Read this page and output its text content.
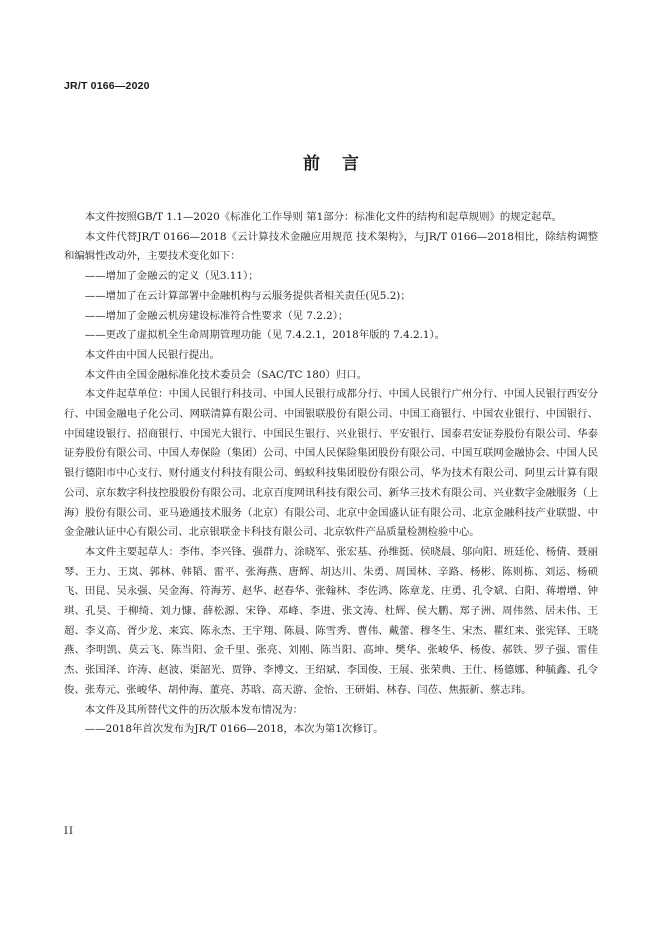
JR/T 0166—2020
前言

本文件按照GB/T 1.1—2020《标准化工作导则 第1部分：标准化文件的结构和起草规则》的规定起草。

本文件代替JR/T 0166—2018《云计算技术金融应用规范 技术架构》，与JR/T 0166—2018相比，除结构调整和编辑性改动外，主要技术变化如下：

——增加了金融云的定义（见3.11）；

——增加了在云计算部署中金融机构与云服务提供者相关责任(见5.2)；

——增加了金融云机房建设标准符合性要求（见 7.2.2）；

——更改了虚拟机全生命周期管理功能（见 7.4.2.1，2018年版的 7.4.2.1）。

本文件由中国人民银行提出。

本文件由全国金融标准化技术委员会（SAC/TC 180）归口。

本文件起草单位：中国人民银行科技司、中国人民银行成都分行、中国人民银行广州分行、中国人民银行西安分行、中国金融电子化公司、网联清算有限公司、中国银联股份有限公司、中国工商银行、中国农业银行、中国银行、中国建设银行、招商银行、中国光大银行、中国民生银行、兴业银行、平安银行、国泰君安证券股份有限公司、华泰证券股份有限公司、中国人寿保险（集团）公司、中国人民保险集团股份有限公司、中国互联网金融协会、中国人民银行德阳市中心支行、财付通支付科技有限公司、蚂蚁科技集团股份有限公司、华为技术有限公司、阿里云计算有限公司、京东数字科技控股股份有限公司、北京百度网讯科技有限公司、新华三技术有限公司、兴业数字金融服务（上海）股份有限公司、亚马逊通技术服务（北京）有限公司、北京中金国盛认证有限公司、北京金融科技产业联盟、中金金融认证中心有限公司、北京银联金卡科技有限公司、北京软件产品质量检测检验中心。

本文件主要起草人：李伟、李兴锋、强群力、涂晓军、张宏基、孙维挺、侯晓晨、邬向阳、班廷伦、杨倩、聂丽琴、王力、王岚、郭林、韩韬、雷平、张海燕、唐辉、胡达川、朱勇、周国林、辛路、杨彬、陈则栋、刘运、杨硕飞、田昆、吴永强、吴金海、符海芳、赵华、赵春华、张翰林、李佐鸿、陈章龙、庄勇、孔令斌、白阳、蒋增增、钟琪、孔昊、于柳绮、刘力慷、薛松源、宋铮、邓峰、李进、张文涛、杜辉、侯大鹏、郑子洲、周伟然、居未伟、王超、李义高、胥少龙、来宾、陈永杰、王宇翔、陈晨、陈雪秀、曹伟、戴蕾、穆冬生、宋杰、瞿红来、张宪铎、王晓燕、李明凯、莫云飞、陈当阳、金千里、张亮、刘刚、陈当阳、高坤、樊华、张峻华、杨俊、郝铁、罗子强、雷佳杰、张国泽、许涛、赵波、渠韶光、贾铮、李博文、王绍斌、李国俊、王展、张荣典、王仕、杨德娜、种毓鑫、孔令俊、张寿元、张峻华、胡仲海、董亮、苏晗、高天游、金怡、王研娟、林春、闫莅、焦振新、蔡志玮。

本文件及其所替代文件的历次版本发布情况为：

——2018年首次发布为JR/T 0166—2018，本次为第1次修订。

II
